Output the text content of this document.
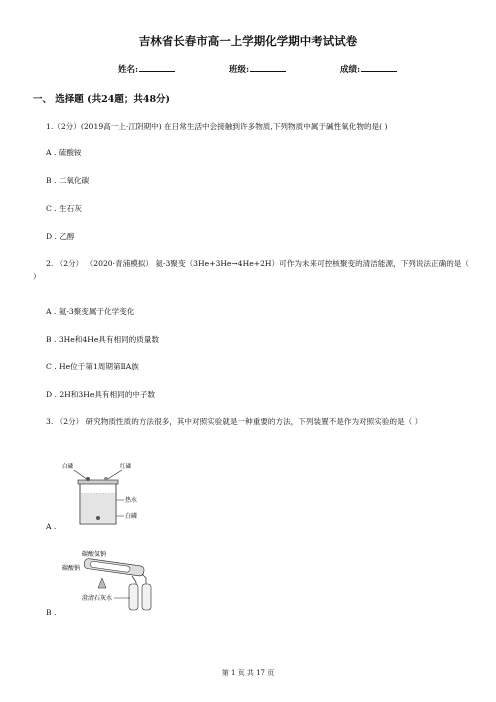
吉林省长春市高一上学期化学期中考试试卷
姓名:	班级:	成绩:
一、 选择题 (共24题；共48分)
1.（2分）(2019高一上·江阴期中) 在日常生活中会接触到许多物质,下列物质中属于碱性氧化物的是( )
A . 硫酸铵
B . 二氧化碳
C . 生石灰
D . 乙醇
2. （2分） （2020·青浦模拟） 氦-3聚变（3He+3He→4He+2H）可作为未来可控核聚变的清洁能源，下列说法正确的是（ ）
A . 氦-3聚变属于化学变化
B . 3He和4He具有相同的质量数
C . He位于第1周期第ⅡA族
D . 2H和3He具有相同的中子数
3. （2分） 研究物质性质的方法很多，其中对照实验就是一种重要的方法，下列装置不是作为对照实验的是（ ）
白磷	红磷
热水
白磷
A .
碳酸氢钠
碳酸钠
澄清石灰水
B .
第 1 页 共 17 页
